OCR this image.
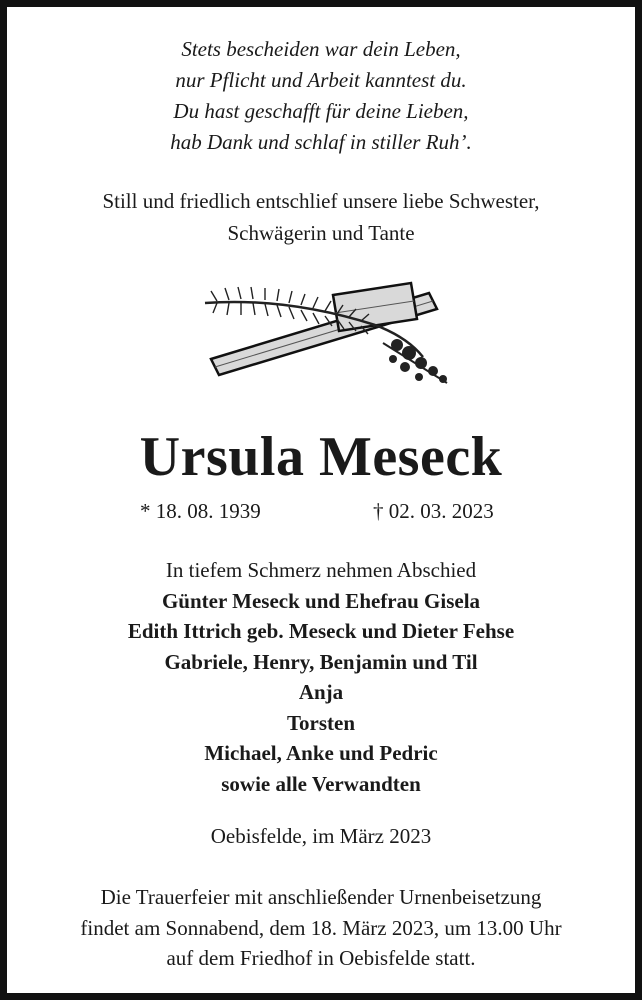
Stets bescheiden war dein Leben,
nur Pflicht und Arbeit kanntest du.
Du hast geschafft für deine Lieben,
hab Dank und schlaf in stiller Ruh’.
Still und friedlich entschlief unsere liebe Schwester,
Schwägerin und Tante
Ursula Meseck
* 18. 08. 1939	† 02. 03. 2023
In tiefem Schmerz nehmen Abschied
Günter Meseck und Ehefrau Gisela
Edith Ittrich geb. Meseck und Dieter Fehse
Gabriele, Henry, Benjamin und Til
Anja
Torsten
Michael, Anke und Pedric
sowie alle Verwandten
Oebisfelde, im März 2023
Die Trauerfeier mit anschließender Urnenbeisetzung
findet am Sonnabend, dem 18. März 2023, um 13.00 Uhr
auf dem Friedhof in Oebisfelde statt.
